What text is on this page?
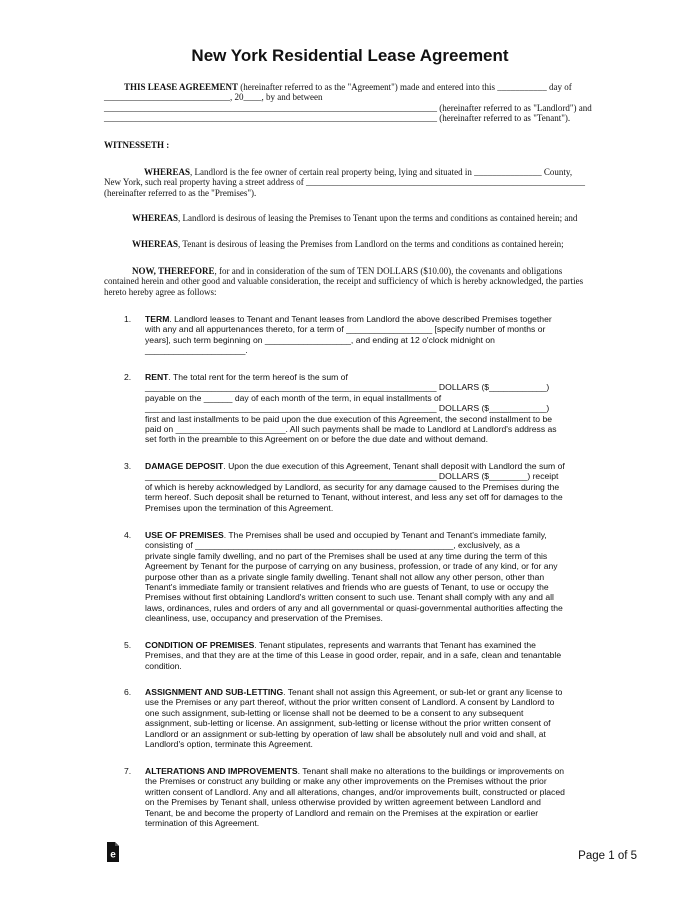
New York Residential Lease Agreement
THIS LEASE AGREEMENT (hereinafter referred to as the "Agreement") made and entered into this ___________ day of
____________________________, 20____, by and between
__________________________________________________________________________ (hereinafter referred to as "Landlord") and
__________________________________________________________________________ (hereinafter referred to as "Tenant").
WITNESSETH :
WHEREAS, Landlord is the fee owner of certain real property being, lying and situated in _______________ County,
New York, such real property having a street address of ______________________________________________________________
(hereinafter referred to as the "Premises").
WHEREAS, Landlord is desirous of leasing the Premises to Tenant upon the terms and conditions as contained herein; and
WHEREAS, Tenant is desirous of leasing the Premises from Landlord on the terms and conditions as contained herein;
NOW, THEREFORE, for and in consideration of the sum of TEN DOLLARS ($10.00), the covenants and obligations
contained herein and other good and valuable consideration, the receipt and sufficiency of which is hereby acknowledged, the parties
hereto hereby agree as follows:
1. TERM. Landlord leases to Tenant and Tenant leases from Landlord the above described Premises together
with any and all appurtenances thereto, for a term of __________________ [specify number of months or
years], such term beginning on __________________, and ending at 12 o'clock midnight on
_____________________.
2. RENT. The total rent for the term hereof is the sum of
_____________________________________________________________ DOLLARS ($____________)
payable on the ______ day of each month of the term, in equal installments of
_____________________________________________________________ DOLLARS ($____________)
first and last installments to be paid upon the due execution of this Agreement, the second installment to be
paid on _______________________. All such payments shall be made to Landlord at Landlord's address as
set forth in the preamble to this Agreement on or before the due date and without demand.
3. DAMAGE DEPOSIT. Upon the due execution of this Agreement, Tenant shall deposit with Landlord the sum of
_____________________________________________________________ DOLLARS ($________) receipt
of which is hereby acknowledged by Landlord, as security for any damage caused to the Premises during the
term hereof. Such deposit shall be returned to Tenant, without interest, and less any set off for damages to the
Premises upon the termination of this Agreement.
4. USE OF PREMISES. The Premises shall be used and occupied by Tenant and Tenant's immediate family,
consisting of ______________________________________________________, exclusively, as a
private single family dwelling, and no part of the Premises shall be used at any time during the term of this
Agreement by Tenant for the purpose of carrying on any business, profession, or trade of any kind, or for any
purpose other than as a private single family dwelling. Tenant shall not allow any other person, other than
Tenant's immediate family or transient relatives and friends who are guests of Tenant, to use or occupy the
Premises without first obtaining Landlord's written consent to such use. Tenant shall comply with any and all
laws, ordinances, rules and orders of any and all governmental or quasi-governmental authorities affecting the
cleanliness, use, occupancy and preservation of the Premises.
5. CONDITION OF PREMISES. Tenant stipulates, represents and warrants that Tenant has examined the
Premises, and that they are at the time of this Lease in good order, repair, and in a safe, clean and tenantable
condition.
6. ASSIGNMENT AND SUB-LETTING. Tenant shall not assign this Agreement, or sub-let or grant any license to
use the Premises or any part thereof, without the prior written consent of Landlord. A consent by Landlord to
one such assignment, sub-letting or license shall not be deemed to be a consent to any subsequent
assignment, sub-letting or license. An assignment, sub-letting or license without the prior written consent of
Landlord or an assignment or sub-letting by operation of law shall be absolutely null and void and shall, at
Landlord's option, terminate this Agreement.
7. ALTERATIONS AND IMPROVEMENTS. Tenant shall make no alterations to the buildings or improvements on
the Premises or construct any building or make any other improvements on the Premises without the prior
written consent of Landlord. Any and all alterations, changes, and/or improvements built, constructed or placed
on the Premises by Tenant shall, unless otherwise provided by written agreement between Landlord and
Tenant, be and become the property of Landlord and remain on the Premises at the expiration or earlier
termination of this Agreement.
e	Page 1 of 5
